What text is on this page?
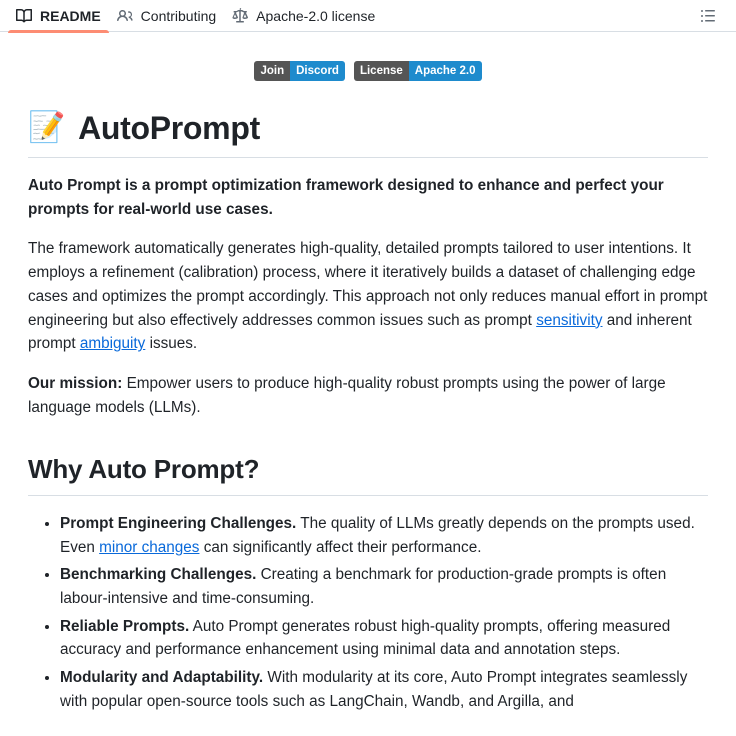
README	Contributing	Apache-2.0 license
Join	Discord	License	Apache 2.0
📝 AutoPrompt

Auto Prompt is a prompt optimization framework designed to enhance and perfect your prompts for real-world use cases.

The framework automatically generates high-quality, detailed prompts tailored to user intentions. It employs a refinement (calibration) process, where it iteratively builds a dataset of challenging edge cases and optimizes the prompt accordingly. This approach not only reduces manual effort in prompt engineering but also effectively addresses common issues such as prompt sensitivity and inherent prompt ambiguity issues.

Our mission: Empower users to produce high-quality robust prompts using the power of large language models (LLMs).

Why Auto Prompt?
• Prompt Engineering Challenges. The quality of LLMs greatly depends on the prompts used. Even minor changes can significantly affect their performance.
• Benchmarking Challenges. Creating a benchmark for production-grade prompts is often labour-intensive and time-consuming.
• Reliable Prompts. Auto Prompt generates robust high-quality prompts, offering measured accuracy and performance enhancement using minimal data and annotation steps.
• Modularity and Adaptability. With modularity at its core, Auto Prompt integrates seamlessly with popular open-source tools such as LangChain, Wandb, and Argilla, and
